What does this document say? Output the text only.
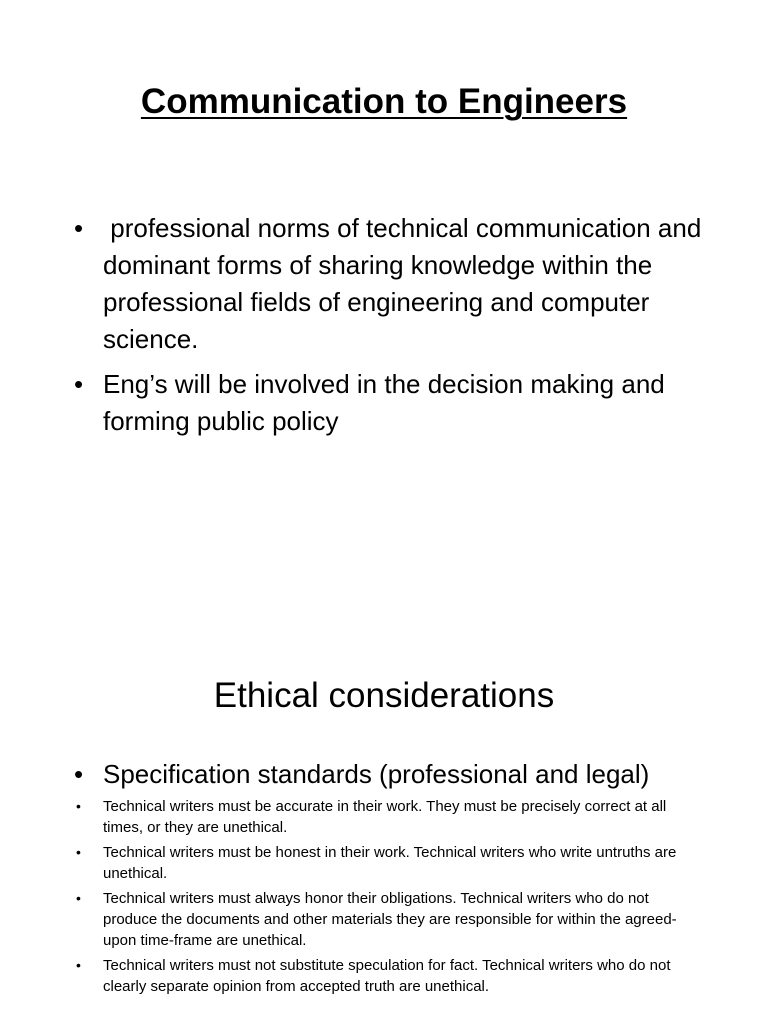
Communication to Engineers
• professional norms of technical communication and dominant forms of sharing knowledge within the professional fields of engineering and computer science.
• Eng’s will be involved in the decision making and forming public policy
Ethical considerations
• Specification standards (professional and legal)
• Technical writers must be accurate in their work. They must be precisely correct at all times, or they are unethical.
• Technical writers must be honest in their work. Technical writers who write untruths are unethical.
• Technical writers must always honor their obligations. Technical writers who do not produce the documents and other materials they are responsible for within the agreed-upon time-frame are unethical.
• Technical writers must not substitute speculation for fact. Technical writers who do not clearly separate opinion from accepted truth are unethical.
